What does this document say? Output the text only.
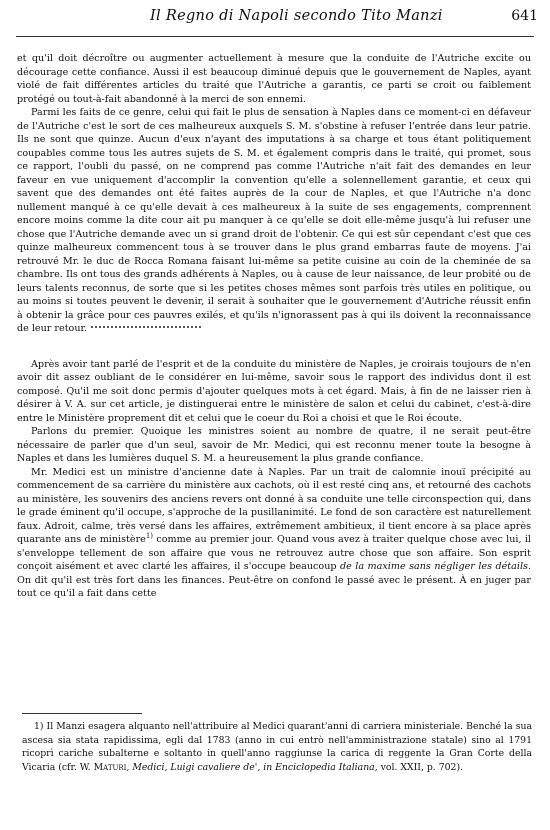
Il Regno di Napoli secondo Tito Manzi	641

et qu'il doit décroître ou augmenter actuellement à mesure que la conduite de l'Autriche excite ou décourage cette confiance. Aussi il est beaucoup diminué depuis que le gouvernement de Naples, ayant violé de fait différentes articles du traité que l'Autriche a garantis, ce parti se croit ou faiblement protégé ou tout-à-fait abandonné à la merci de son ennemi.

Parmi les faits de ce genre, celui qui fait le plus de sensation à Naples dans ce moment-ci en défaveur de l'Autriche c'est le sort de ces malheureux auxquels S. M. s'obstine à refuser l'entrée dans leur patrie. Ils ne sont que quinze. Aucun d'eux n'ayant des imputations à sa charge et tous étant politiquement coupables comme tous les autres sujets de S. M. et également compris dans le traité, qui promet, sous ce rapport, l'oubli du passé, on ne comprend pas comme l'Autriche n'ait fait des demandes en leur faveur en vue uniquement d'accomplir la convention qu'elle a solennellement garantie, et ceux qui savent que des demandes ont été faites auprès de la cour de Naples, et que l'Autriche n'a donc nullement manqué à ce qu'elle devait à ces malheureux à la suite de ses engagements, comprennent encore moins comme la dite cour ait pu manquer à ce qu'elle se doit elle-même jusqu'à lui refuser une chose que l'Autriche demande avec un si grand droit de l'obtenir. Ce qui est sûr cependant c'est que ces quinze malheureux commencent tous à se trouver dans le plus grand embarras faute de moyens. J'ai retrouvé Mr. le duc de Rocca Romana faisant lui-même sa petite cuisine au coin de la cheminée de sa chambre. Ils ont tous des grands adhérents à Naples, ou à cause de leur naissance, de leur probité ou de leurs talents reconnus, de sorte que si les petites choses mêmes sont parfois très utiles en politique, ou au moins si toutes peuvent le devenir, il serait à souhaiter que le gouvernement d'Autriche réussit enfin à obtenir la grâce pour ces pauvres exilés, et qu'ils n'ignorassent pas à qui ils doivent la reconnaissance de leur retour.

Après avoir tant parlé de l'esprit et de la conduite du ministère de Naples, je croirais toujours de n'en avoir dit assez oubliant de le considérer en lui-même, savoir sous le rapport des individus dont il est composé. Qu'il me soit donc permis d'ajouter quelques mots à cet égard. Mais, à fin de ne laisser rien à désirer à V. A. sur cet article, je distinguerai entre le ministère de salon et celui du cabinet, c'est-à-dire entre le Ministère proprement dit et celui que le coeur du Roi a choisi et que le Roi écoute.

Parlons du premier. Quoique les ministres soient au nombre de quatre, il ne serait peut-être nécessaire de parler que d'un seul, savoir de Mr. Medici, qui est reconnu mener toute la besogne à Naples et dans les lumières duquel S. M. a heureusement la plus grande confiance.

Mr. Medici est un ministre d'ancienne date à Naples. Par un trait de calomnie inouï précipité au commencement de sa carrière du ministère aux cachots, où il est resté cinq ans, et retourné des cachots au ministère, les souvenirs des anciens revers ont donné à sa conduite une telle circonspection qui, dans le grade éminent qu'il occupe, s'approche de la pusillanimité. Le fond de son caractère est naturellement faux. Adroit, calme, très versé dans les affaires, extrêmement ambitieux, il tient encore à sa place après quarante ans de ministère$^{1)}$ comme au premier jour. Quand vous avez à traiter quelque chose avec lui, il s'enveloppe tellement de son affaire que vous ne retrouvez autre chose que son affaire. Son esprit conçoit aisément et avec clarté les affaires, il s'occupe beaucoup de la maxime sans négliger les détails. On dit qu'il est très fort dans les finances. Peut-être on confond le passé avec le présent. À en juger par tout ce qu'il a fait dans cette

1) Il Manzi esagera alquanto nell'attribuire al Medici quarant'anni di carriera ministeriale. Benché la sua ascesa sia stata rapidissima, egli dal 1783 (anno in cui entrò nell'amministrazione statale) sino al 1791 ricoprì cariche subalterne e soltanto in quell'anno raggiunse la carica di reggente la Gran Corte della Vicaria (cfr. W. Maturi, Medici, Luigi cavaliere de', in Enciclopedia Italiana, vol. XXII, p. 702).
